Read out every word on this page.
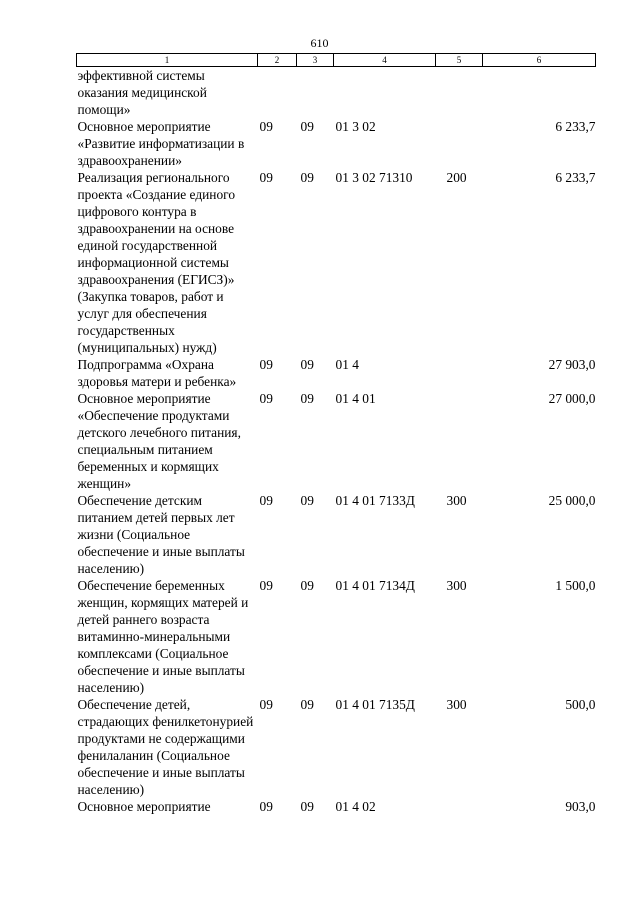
610
1	2	3	4	5	6
эффективной системы оказания медицинской помощи»					
Основное мероприятие «Развитие информатизации в здравоохранении»	09	09	01 3 02		6 233,7
Реализация регионального проекта «Создание единого цифрового контура в здравоохранении на основе единой государственной информационной системы здравоохранения (ЕГИСЗ)» (Закупка товаров, работ и услуг для обеспечения государственных (муниципальных) нужд)	09	09	01 3 02 71310	200	6 233,7
Подпрограмма «Охрана здоровья матери и ребенка»	09	09	01 4		27 903,0
Основное мероприятие «Обеспечение продуктами детского лечебного питания, специальным питанием беременных и кормящих женщин»	09	09	01 4 01		27 000,0
Обеспечение детским питанием детей первых лет жизни (Социальное обеспечение и иные выплаты населению)	09	09	01 4 01 7133Д	300	25 000,0
Обеспечение беременных женщин, кормящих матерей и детей раннего возраста витаминно-минеральными комплексами (Социальное обеспечение и иные выплаты населению)	09	09	01 4 01 7134Д	300	1 500,0
Обеспечение детей, страдающих фенилкетонурией продуктами не содержащими фенилаланин (Социальное обеспечение и иные выплаты населению)	09	09	01 4 01 7135Д	300	500,0
Основное мероприятие	09	09	01 4 02		903,0
